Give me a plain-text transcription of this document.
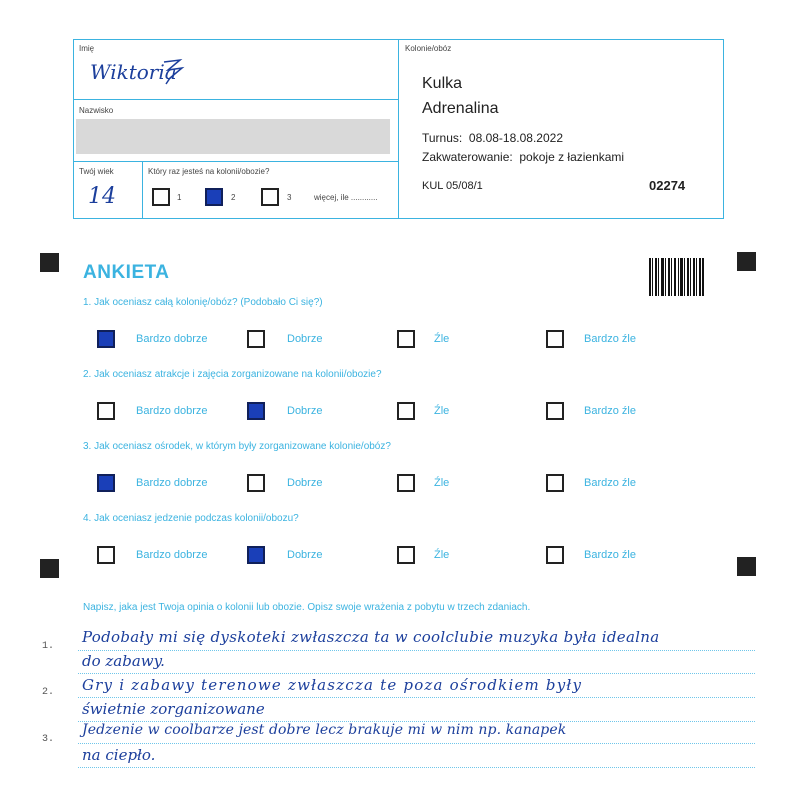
Imię
Wiktoria
Nazwisko
Twój wiek
14
Który raz jesteś na kolonii/obozie?
1	2	3	więcej, ile ............
Kolonie/obóz
Kulka
Adrenalina
Turnus:  08.08-18.08.2022
Zakwaterowanie:  pokoje z łazienkami
KUL 05/08/1	02274
ANKIETA
1. Jak oceniasz całą kolonię/obóz? (Podobało Ci się?)
Bardzo dobrze	Dobrze	Źle	Bardzo źle
2. Jak oceniasz atrakcje i zajęcia zorganizowane na kolonii/obozie?
Bardzo dobrze	Dobrze	Źle	Bardzo źle
3. Jak oceniasz ośrodek, w którym były zorganizowane kolonie/obóz?
Bardzo dobrze	Dobrze	Źle	Bardzo źle
4. Jak oceniasz jedzenie podczas kolonii/obozu?
Bardzo dobrze	Dobrze	Źle	Bardzo źle
Napisz, jaka jest Twoja opinia o kolonii lub obozie. Opisz swoje wrażenia z pobytu w trzech zdaniach.
1.
2.
3.
Podobały mi się dyskoteki zwłaszcza ta w coolclubie muzyka była idealna
do zabawy.
Gry i zabawy terenowe zwłaszcza te poza ośrodkiem były
świetnie zorganizowane
Jedzenie w coolbarze jest dobre lecz brakuje mi w nim np. kanapek
na ciepło.
